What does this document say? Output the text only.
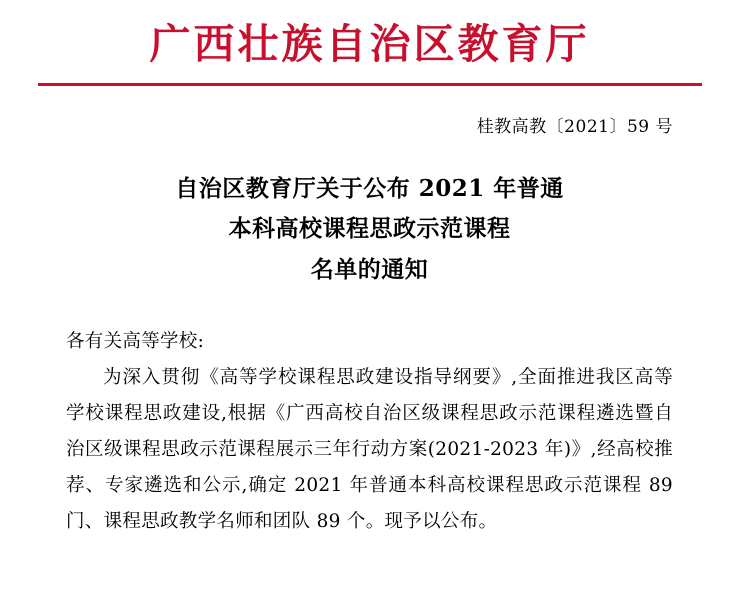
广西壮族自治区教育厅
桂教高教〔2021〕59 号
自治区教育厅关于公布 2021 年普通
本科高校课程思政示范课程
名单的通知

各有关高等学校:

为深入贯彻《高等学校课程思政建设指导纲要》,全面推进我区高等学校课程思政建设,根据《广西高校自治区级课程思政示范课程遴选暨自治区级课程思政示范课程展示三年行动方案(2021-2023 年)》,经高校推荐、专家遴选和公示,确定 2021 年普通本科高校课程思政示范课程 89 门、课程思政教学名师和团队 89 个。现予以公布。
